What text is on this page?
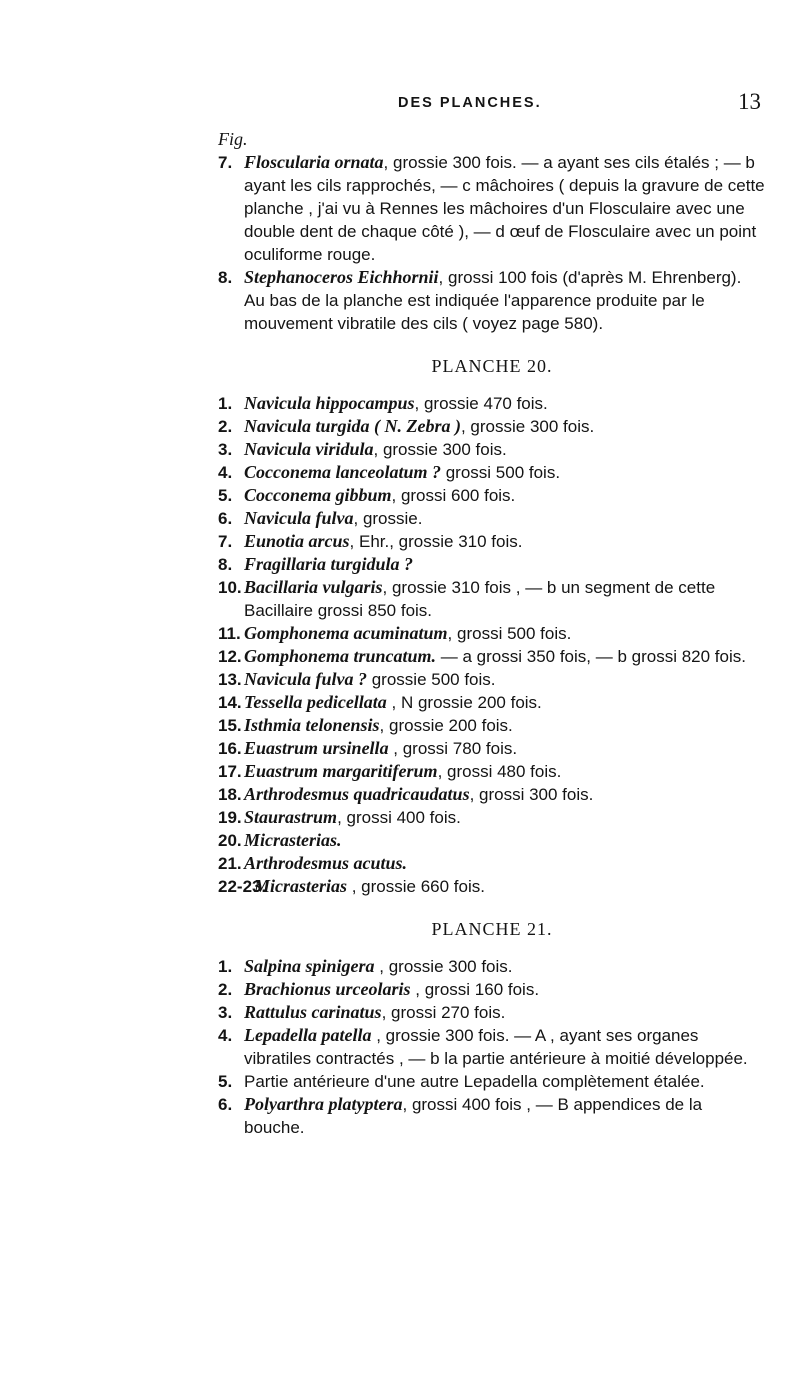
DES PLANCHES.	13
Fig.
7. Floscularia ornata, grossie 300 fois. — a ayant ses cils étalés ; — b ayant les cils rapprochés, — c mâchoires ( depuis la gravure de cette planche , j'ai vu à Rennes les mâchoires d'un Flosculaire avec une double dent de chaque côté ), — d œuf de Flosculaire avec un point oculiforme rouge.
8. Stephanoceros Eichhornii, grossi 100 fois (d'après M. Ehrenberg).
Au bas de la planche est indiquée l'apparence produite par le mouvement vibratile des cils ( voyez page 580).
PLANCHE 20.
1. Navicula hippocampus, grossie 470 fois.
2. Navicula turgida ( N. Zebra ), grossie 300 fois.
3. Navicula viridula, grossie 300 fois.
4. Cocconema lanceolatum ? grossi 500 fois.
5. Cocconema gibbum, grossi 600 fois.
6. Navicula fulva, grossie.
7. Eunotia arcus, Ehr., grossie 310 fois.
8. Fragillaria turgidula ?
10. Bacillaria vulgaris, grossie 310 fois , — b un segment de cette Bacillaire grossi 850 fois.
11. Gomphonema acuminatum, grossi 500 fois.
12. Gomphonema truncatum. — a grossi 350 fois, — b grossi 820 fois.
13. Navicula fulva ? grossie 500 fois.
14. Tessella pedicellata , N grossie 200 fois.
15. Isthmia telonensis, grossie 200 fois.
16. Euastrum ursinella , grossi 780 fois.
17. Euastrum margaritiferum, grossi 480 fois.
18. Arthrodesmus quadricaudatus, grossi 300 fois.
19. Staurastrum, grossi 400 fois.
20. Micrasterias.
21. Arthrodesmus acutus.
22-23.
Micrasterias , grossie 660 fois.
PLANCHE 21.
1. Salpina spinigera , grossie 300 fois.
2. Brachionus urceolaris , grossi 160 fois.
3. Rattulus carinatus, grossi 270 fois.
4. Lepadella patella , grossie 300 fois. — A , ayant ses organes vibratiles contractés , — b la partie antérieure à moitié développée.
5. Partie antérieure d'une autre Lepadella complètement étalée.
6. Polyarthra platyptera, grossi 400 fois , — B appendices de la bouche.
